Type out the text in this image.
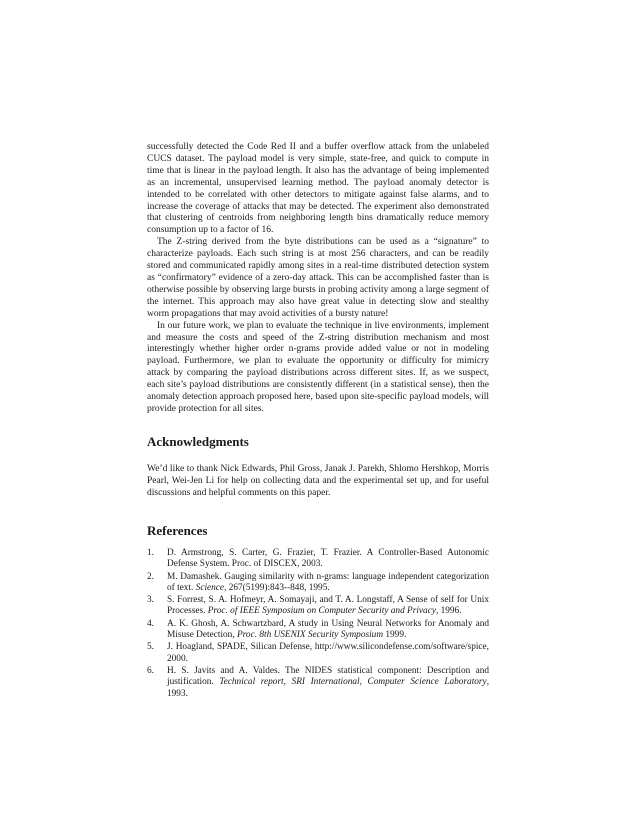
successfully detected the Code Red II and a buffer overflow attack from the unlabeled CUCS dataset. The payload model is very simple, state-free, and quick to compute in time that is linear in the payload length. It also has the advantage of being implemented as an incremental, unsupervised learning method. The payload anomaly detector is intended to be correlated with other detectors to mitigate against false alarms, and to increase the coverage of attacks that may be detected. The experiment also demonstrated that clustering of centroids from neighboring length bins dramatically reduce memory consumption up to a factor of 16.

The Z-string derived from the byte distributions can be used as a “signature” to characterize payloads. Each such string is at most 256 characters, and can be readily stored and communicated rapidly among sites in a real-time distributed detection system as “confirmatory” evidence of a zero-day attack. This can be accomplished faster than is otherwise possible by observing large bursts in probing activity among a large segment of the internet. This approach may also have great value in detecting slow and stealthy worm propagations that may avoid activities of a bursty nature!

In our future work, we plan to evaluate the technique in live environments, implement and measure the costs and speed of the Z-string distribution mechanism and most interestingly whether higher order n-grams provide added value or not in modeling payload. Furthermore, we plan to evaluate the opportunity or difficulty for mimicry attack by comparing the payload distributions across different sites. If, as we suspect, each site’s payload distributions are consistently different (in a statistical sense), then the anomaly detection approach proposed here, based upon site-specific payload models, will provide protection for all sites.

Acknowledgments

We’d like to thank Nick Edwards, Phil Gross, Janak J. Parekh, Shlomo Hershkop, Morris Pearl, Wei-Jen Li for help on collecting data and the experimental set up, and for useful discussions and helpful comments on this paper.

References
1. D. Armstrong, S. Carter, G. Frazier, T. Frazier. A Controller-Based Autonomic Defense System. Proc. of DISCEX, 2003.
2. M. Damashek. Gauging similarity with n-grams: language independent categorization of text. Science, 267(5199):843--848, 1995.
3. S. Forrest, S. A. Hofmeyr, A. Somayaji, and T. A. Longstaff, A Sense of self for Unix Processes. Proc. of IEEE Symposium on Computer Security and Privacy, 1996.
4. A. K. Ghosh, A. Schwartzbard, A study in Using Neural Networks for Anomaly and Misuse Detection, Proc. 8th USENIX Security Symposium 1999.
5. J. Hoagland, SPADE, Silican Defense, http://www.silicondefense.com/software/spice, 2000.
6. H. S. Javits and A. Valdes. The NIDES statistical component: Description and justification. Technical report, SRI International, Computer Science Laboratory, 1993.
